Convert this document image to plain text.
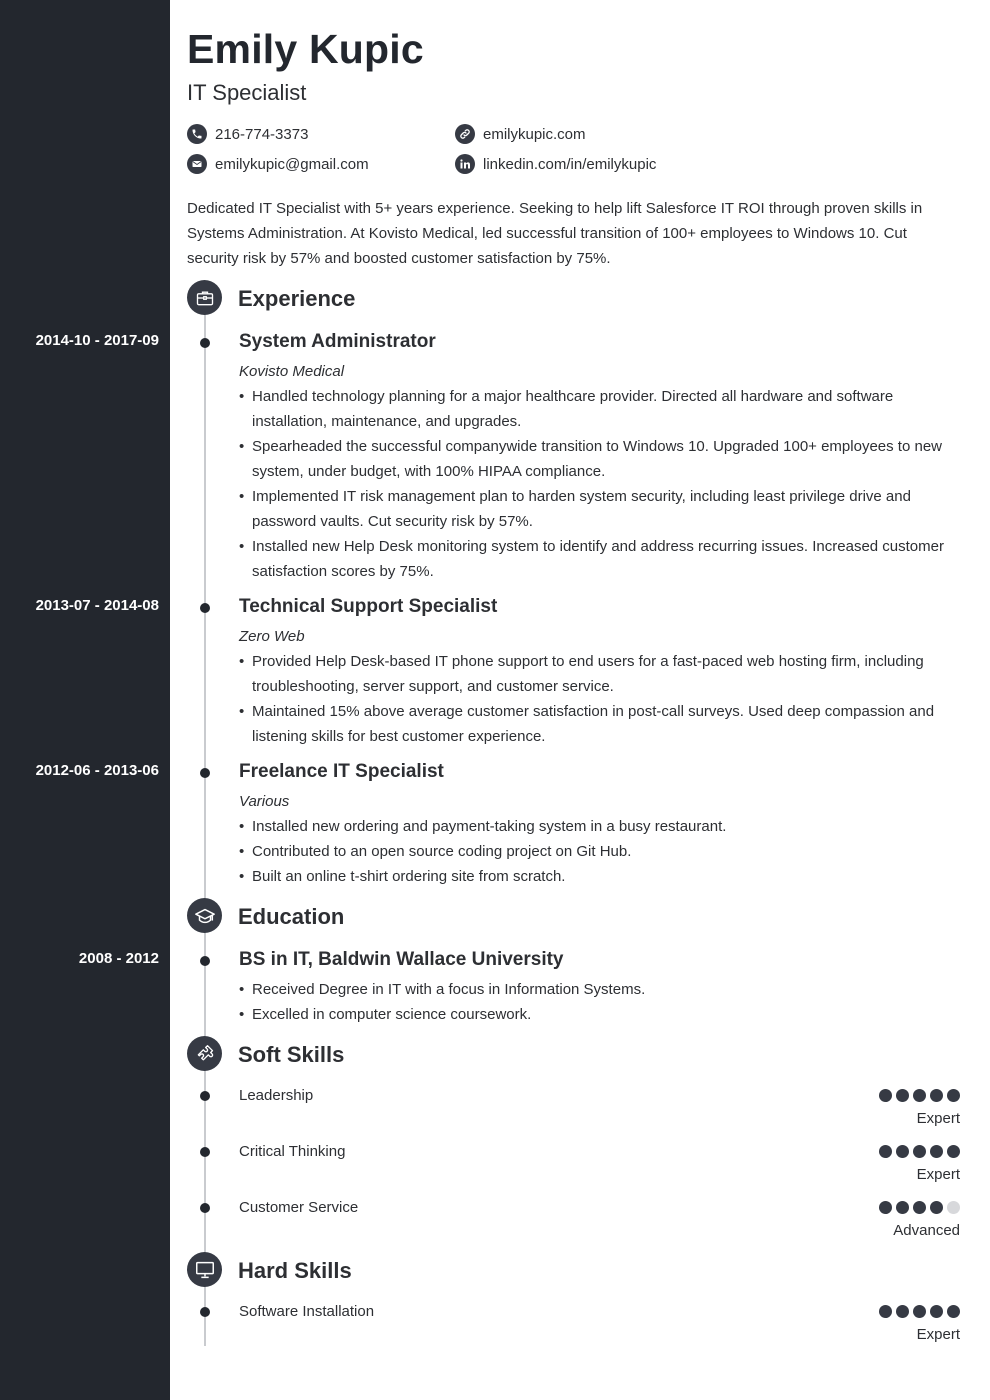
Emily Kupic
IT Specialist
216-774-3373	emilykupic.com
emilykupic@gmail.com	linkedin.com/in/emilykupic
Dedicated IT Specialist with 5+ years experience. Seeking to help lift Salesforce IT ROI through proven skills in Systems Administration. At Kovisto Medical, led successful transition of 100+ employees to Windows 10. Cut security risk by 57% and boosted customer satisfaction by 75%.
Experience
2014-10 - 2017-09	System Administrator
Kovisto Medical
• Handled technology planning for a major healthcare provider. Directed all hardware and software installation, maintenance, and upgrades.
• Spearheaded the successful companywide transition to Windows 10. Upgraded 100+ employees to new system, under budget, with 100% HIPAA compliance.
• Implemented IT risk management plan to harden system security, including least privilege drive and password vaults. Cut security risk by 57%.
• Installed new Help Desk monitoring system to identify and address recurring issues. Increased customer satisfaction scores by 75%.
2013-07 - 2014-08	Technical Support Specialist
Zero Web
• Provided Help Desk-based IT phone support to end users for a fast-paced web hosting firm, including troubleshooting, server support, and customer service.
• Maintained 15% above average customer satisfaction in post-call surveys. Used deep compassion and listening skills for best customer experience.
2012-06 - 2013-06	Freelance IT Specialist
Various
• Installed new ordering and payment-taking system in a busy restaurant.
• Contributed to an open source coding project on Git Hub.
• Built an online t-shirt ordering site from scratch.
Education
2008 - 2012	BS in IT, Baldwin Wallace University
• Received Degree in IT with a focus in Information Systems.
• Excelled in computer science coursework.
Soft Skills
Leadership
Expert
Critical Thinking
Expert
Customer Service
Advanced
Hard Skills
Software Installation
Expert
